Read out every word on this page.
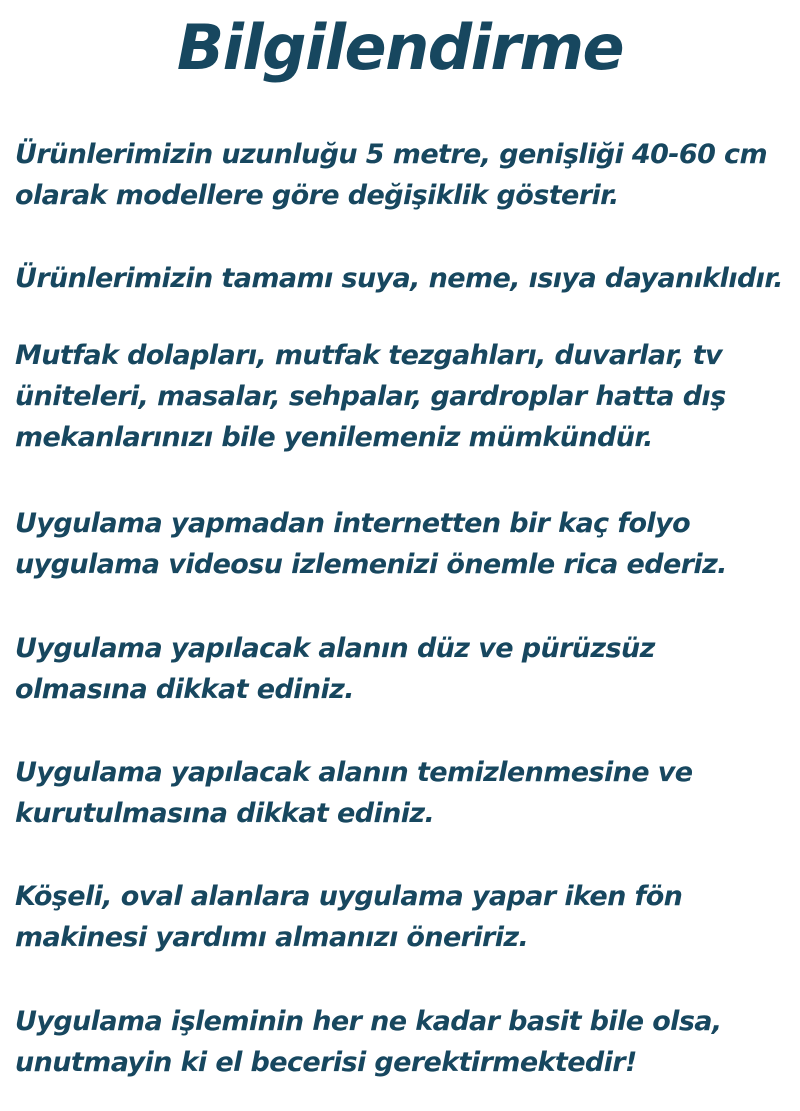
Bilgilendirme

Ürünlerimizin uzunluğu 5 metre, genişliği 40-60 cm
olarak modellere göre değişiklik gösterir.

Ürünlerimizin tamamı suya, neme, ısıya dayanıklıdır.

Mutfak dolapları, mutfak tezgahları, duvarlar, tv
üniteleri, masalar, sehpalar, gardroplar hatta dış
mekanlarınızı bile yenilemeniz mümkündür.

Uygulama yapmadan internetten bir kaç folyo
uygulama videosu izlemenizi önemle rica ederiz.

Uygulama yapılacak alanın düz ve pürüzsüz
olmasına dikkat ediniz.

Uygulama yapılacak alanın temizlenmesine ve
kurutulmasına dikkat ediniz.

Köşeli, oval alanlara uygulama yapar iken fön
makinesi yardımı almanızı öneririz.

Uygulama işleminin her ne kadar basit bile olsa,
unutmayin ki el becerisi gerektirmektedir!
